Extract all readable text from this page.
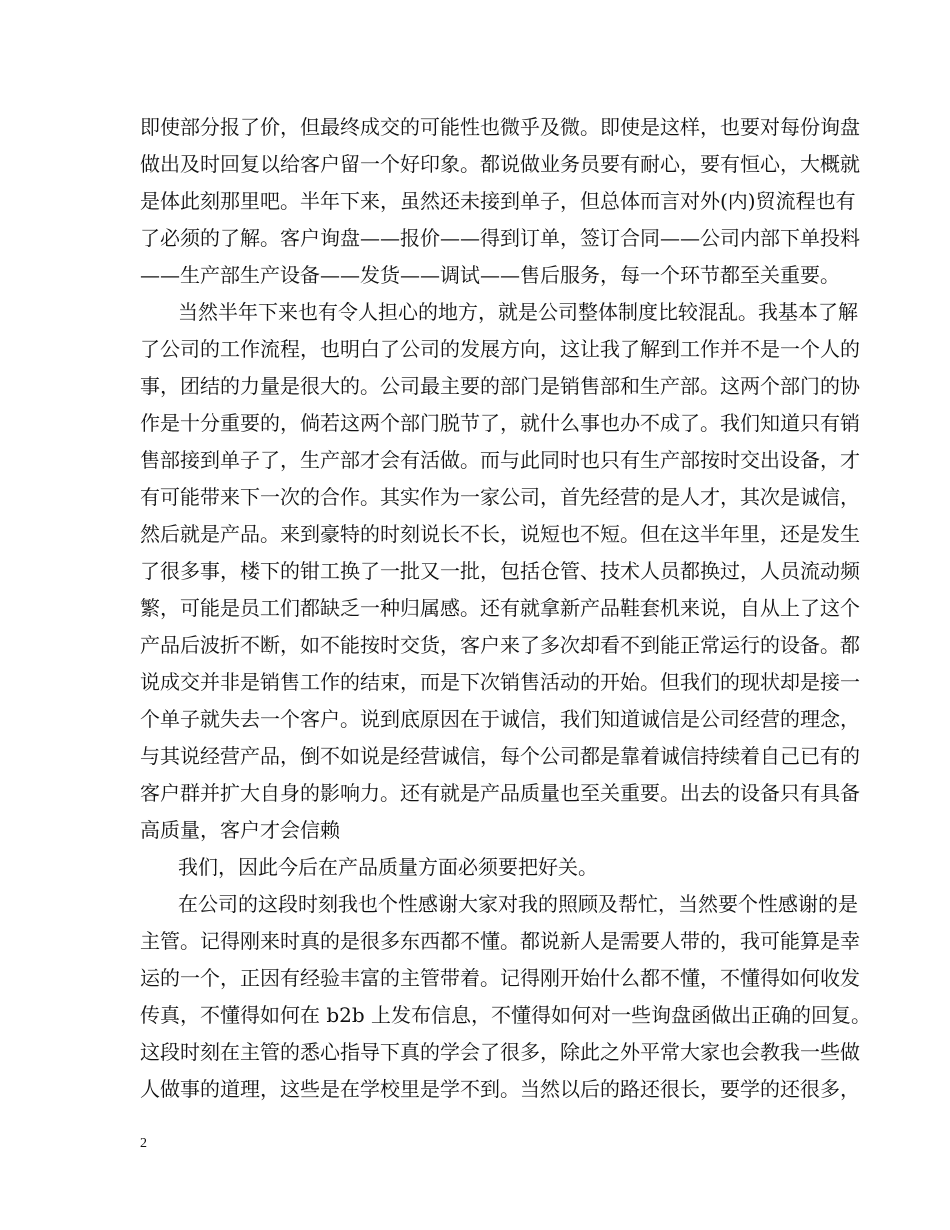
即使部分报了价，但最终成交的可能性也微乎及微。即使是这样，也要对每份询盘
做出及时回复以给客户留一个好印象。都说做业务员要有耐心，要有恒心，大概就
是体此刻那里吧。半年下来，虽然还未接到单子，但总体而言对外(内)贸流程也有
了必须的了解。客户询盘——报价——得到订单，签订合同——公司内部下单投料
——生产部生产设备——发货——调试——售后服务，每一个环节都至关重要。
当然半年下来也有令人担心的地方，就是公司整体制度比较混乱。我基本了解
了公司的工作流程，也明白了公司的发展方向，这让我了解到工作并不是一个人的
事，团结的力量是很大的。公司最主要的部门是销售部和生产部。这两个部门的协
作是十分重要的，倘若这两个部门脱节了，就什么事也办不成了。我们知道只有销
售部接到单子了，生产部才会有活做。而与此同时也只有生产部按时交出设备，才
有可能带来下一次的合作。其实作为一家公司，首先经营的是人才，其次是诚信，
然后就是产品。来到豪特的时刻说长不长，说短也不短。但在这半年里，还是发生
了很多事，楼下的钳工换了一批又一批，包括仓管、技术人员都换过，人员流动频
繁，可能是员工们都缺乏一种归属感。还有就拿新产品鞋套机来说，自从上了这个
产品后波折不断，如不能按时交货，客户来了多次却看不到能正常运行的设备。都
说成交并非是销售工作的结束，而是下次销售活动的开始。但我们的现状却是接一
个单子就失去一个客户。说到底原因在于诚信，我们知道诚信是公司经营的理念，
与其说经营产品，倒不如说是经营诚信，每个公司都是靠着诚信持续着自己已有的
客户群并扩大自身的影响力。还有就是产品质量也至关重要。出去的设备只有具备
高质量，客户才会信赖
我们，因此今后在产品质量方面必须要把好关。
在公司的这段时刻我也个性感谢大家对我的照顾及帮忙，当然要个性感谢的是
主管。记得刚来时真的是很多东西都不懂。都说新人是需要人带的，我可能算是幸
运的一个，正因有经验丰富的主管带着。记得刚开始什么都不懂，不懂得如何收发
传真，不懂得如何在 b2b 上发布信息，不懂得如何对一些询盘函做出正确的回复。
这段时刻在主管的悉心指导下真的学会了很多，除此之外平常大家也会教我一些做
人做事的道理，这些是在学校里是学不到。当然以后的路还很长，要学的还很多，
2
